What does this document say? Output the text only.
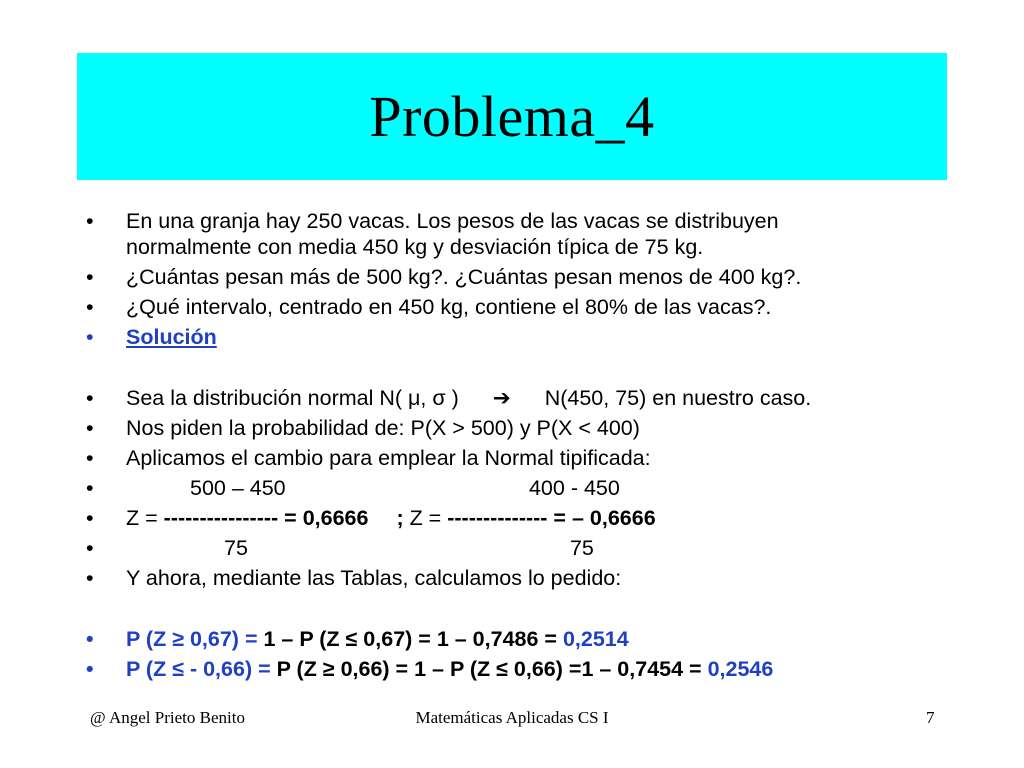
Problema_4
• En una granja hay 250 vacas. Los pesos de las vacas se distribuyen
normalmente con media 450 kg y desviación típica de 75 kg.
• ¿Cuántas pesan más de 500 kg?. ¿Cuántas pesan menos de 400 kg?.
• ¿Qué intervalo, centrado en 450 kg, contiene el 80% de las vacas?.
• Solución
• Sea la distribución normal N( μ, σ ) ➔ N(450, 75) en nuestro caso.
• Nos piden la probabilidad de: P(X > 500) y P(X < 400)
• Aplicamos el cambio para emplear la Normal tipificada:
•	500 – 450	400 - 450
• Z = ---------------- = 0,6666 ; Z = -------------- = – 0,6666
•	75	75
• Y ahora, mediante las Tablas, calculamos lo pedido:
• P (Z ≥ 0,67) = 1 – P (Z ≤ 0,67) = 1 – 0,7486 = 0,2514
• P (Z ≤ - 0,66) = P (Z ≥ 0,66) = 1 – P (Z ≤ 0,66) =1 – 0,7454 = 0,2546
@ Angel Prieto Benito	Matemáticas Aplicadas CS I	7
